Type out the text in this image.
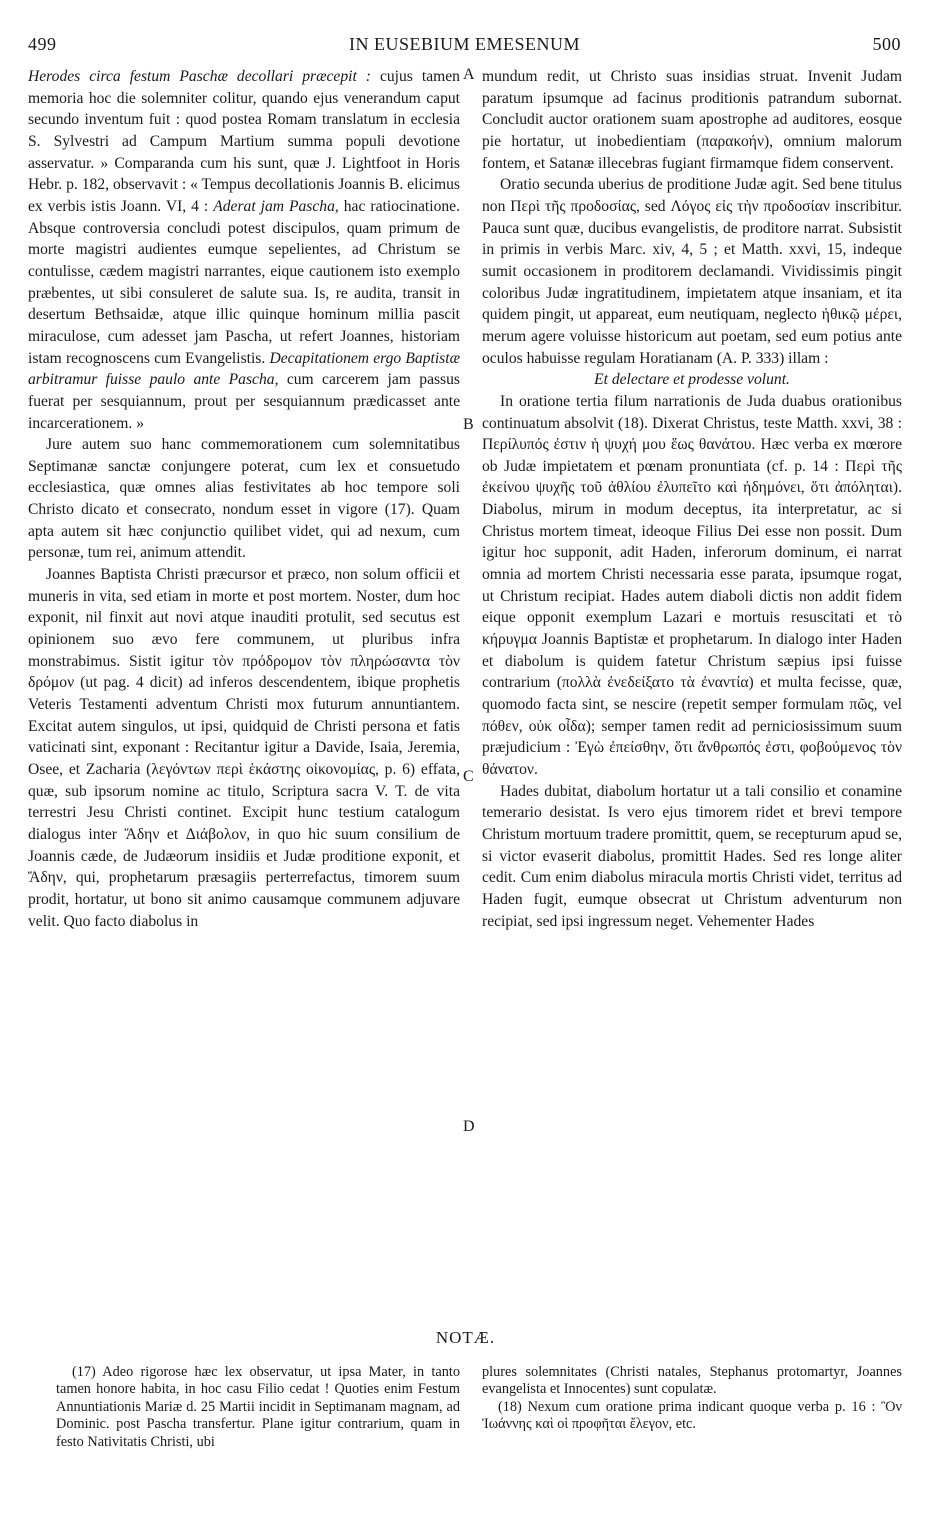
499	IN EUSEBIUM EMESENUM	500

Herodes circa festum Paschæ decollari præcepit : cujus tamen memoria hoc die solemniter colitur, quando ejus venerandum caput secundo inventum fuit : quod postea Romam translatum in ecclesia S. Sylvestri ad Campum Martium summa populi devotione asservatur. » Comparanda cum his sunt, quæ J. Lightfoot in Horis Hebr. p. 182, observavit : « Tempus decollationis Joannis B. elicimus ex verbis istis Joann. VI, 4 : Aderat jam Pascha, hac ratiocinatione. Absque controversia concludi potest discipulos, quam primum de morte magistri audientes eumque sepelientes, ad Christum se contulisse, cædem magistri narrantes, eique cautionem isto exemplo præbentes, ut sibi consuleret de salute sua. Is, re audita, transit in desertum Bethsaidæ, atque illic quinque hominum millia pascit miraculose, cum adesset jam Pascha, ut refert Joannes, historiam istam recognoscens cum Evangelistis. Decapitationem ergo Baptistæ arbitramur fuisse paulo ante Pascha, cum carcerem jam passus fuerat per sesquiannum, prout per sesquiannum prædicasset ante incarcerationem. »

Jure autem suo hanc commemorationem cum solemnitatibus Septimanæ sanctæ conjungere poterat, cum lex et consuetudo ecclesiastica, quæ omnes alias festivitates ab hoc tempore soli Christo dicato et consecrato, nondum esset in vigore (17). Quam apta autem sit hæc conjunctio quilibet videt, qui ad nexum, cum personæ, tum rei, animum attendit.

Joannes Baptista Christi præcursor et præco, non solum officii et muneris in vita, sed etiam in morte et post mortem. Noster, dum hoc exponit, nil finxit aut novi atque inauditi protulit, sed secutus est opinionem suo ævo fere communem, ut pluribus infra monstrabimus. Sistit igitur τὸν πρόδρομον τὸν πληρώσαντα τὸν δρόμον (ut pag. 4 dicit) ad inferos descendentem, ibique prophetis Veteris Testamenti adventum Christi mox futurum annuntiantem. Excitat autem singulos, ut ipsi, quidquid de Christi persona et fatis vaticinati sint, exponant : Recitantur igitur a Davide, Isaia, Jeremia, Osee, et Zacharia (λεγόντων περὶ ἑκάστης οἰκονομίας, p. 6) effata, quæ, sub ipsorum nomine ac titulo, Scriptura sacra V. T. de vita terrestri Jesu Christi continet. Excipit hunc testium catalogum dialogus inter Ἅδην et Διάβολον, in quo hic suum consilium de Joannis cæde, de Judæorum insidiis et Judæ proditione exponit, et Ἅδην, qui, prophetarum præsagiis perterrefactus, timorem suum prodit, hortatur, ut bono sit animo causamque communem adjuvare velit. Quo facto diabolus in

A
B
C
D

mundum redit, ut Christo suas insidias struat. Invenit Judam paratum ipsumque ad facinus proditionis patrandum subornat. Concludit auctor orationem suam apostrophe ad auditores, eosque pie hortatur, ut inobedientiam (παρακοήν), omnium malorum fontem, et Satanæ illecebras fugiant firmamque fidem conservent.

Oratio secunda uberius de proditione Judæ agit. Sed bene titulus non Περὶ τῆς προδοσίας, sed Λόγος εἰς τὴν προδοσίαν inscribitur. Pauca sunt quæ, ducibus evangelistis, de proditore narrat. Subsistit in primis in verbis Marc. xiv, 4, 5 ; et Matth. xxvi, 15, indeque sumit occasionem in proditorem declamandi. Vividissimis pingit coloribus Judæ ingratitudinem, impietatem atque insaniam, et ita quidem pingit, ut appareat, eum neutiquam, neglecto ἠθικῷ μέρει, merum agere voluisse historicum aut poetam, sed eum potius ante oculos habuisse regulam Horatianam (A. P. 333) illam :

Et delectare et prodesse volunt.

In oratione tertia filum narrationis de Juda duabus orationibus continuatum absolvit (18). Dixerat Christus, teste Matth. xxvi, 38 : Περίλυπός ἐστιν ἡ ψυχή μου ἕως θανάτου. Hæc verba ex mœrore ob Judæ impietatem et pœnam pronuntiata (cf. p. 14 : Περὶ τῆς ἐκείνου ψυχῆς τοῦ ἀθλίου ἐλυπεῖτο καὶ ἠδημόνει, ὅτι ἀπόληται). Diabolus, mirum in modum deceptus, ita interpretatur, ac si Christus mortem timeat, ideoque Filius Dei esse non possit. Dum igitur hoc supponit, adit Haden, inferorum dominum, ei narrat omnia ad mortem Christi necessaria esse parata, ipsumque rogat, ut Christum recipiat. Hades autem diaboli dictis non addit fidem eique opponit exemplum Lazari e mortuis resuscitati et τὸ κήρυγμα Joannis Baptistæ et prophetarum. In dialogo inter Haden et diabolum is quidem fatetur Christum sæpius ipsi fuisse contrarium (πολλὰ ἐνεδείξατο τὰ ἐναντία) et multa fecisse, quæ, quomodo facta sint, se nescire (repetit semper formulam πῶς, vel πόθεν, οὐκ οἶδα); semper tamen redit ad perniciosissimum suum præjudicium : Ἐγὼ ἐπείσθην, ὅτι ἄνθρωπός ἐστι, φοβούμενος τὸν θάνατον.

Hades dubitat, diabolum hortatur ut a tali consilio et conamine temerario desistat. Is vero ejus timorem ridet et brevi tempore Christum mortuum tradere promittit, quem, se recepturum apud se, si victor evaserit diabolus, promittit Hades. Sed res longe aliter cedit. Cum enim diabolus miracula mortis Christi videt, territus ad Haden fugit, eumque obsecrat ut Christum adventurum non recipiat, sed ipsi ingressum neget. Vehementer Hades

NOTÆ.

(17) Adeo rigorose hæc lex observatur, ut ipsa Mater, in tanto tamen honore habita, in hoc casu Filio cedat ! Quoties enim Festum Annuntiationis Mariæ d. 25 Martii incidit in Septimanam magnam, ad Dominic. post Pascha transfertur. Plane igitur contrarium, quam in festo Nativitatis Christi, ubi

plures solemnitates (Christi natales, Stephanus protomartyr, Joannes evangelista et Innocentes) sunt copulatæ.

(18) Nexum cum oratione prima indicant quoque verba p. 16 : Ὃν Ἰωάννης καὶ οἱ προφῆται ἔλεγον, etc.
